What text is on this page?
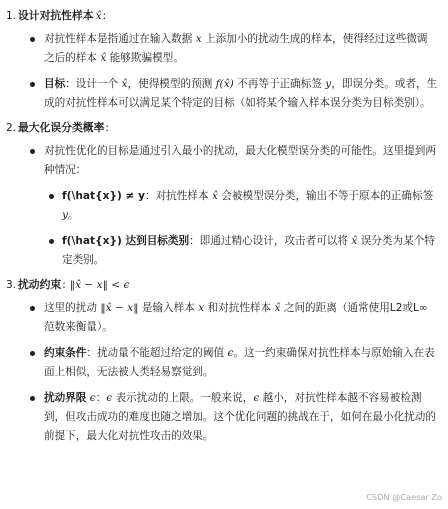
1. 设计对抗性样本 x̂ :
对抗性样本是指通过在输入数据 x 上添加小的扰动生成的样本，使得经过这些微调之后的样本 x̂ 能够欺骗模型。
目标：设计一个 x̂，使得模型的预测 f(x̂) 不再等于正确标签 y，即误分类。或者，生成的对抗性样本可以满足某个特定的目标（如将某个输入样本误分类为目标类别）。
2. 最大化误分类概率 :
对抗性优化的目标是通过引入最小的扰动，最大化模型误分类的可能性。这里提到两种情况：
f(\hat{x}) ≠ y：对抗性样本 x̂ 会被模型误分类，输出不等于原本的正确标签 y。
f(\hat{x}) 达到目标类别：即通过精心设计，攻击者可以将 x̂ 误分类为某个特定类别。
3. 扰动约束 : ‖x̂ − x‖ < ϵ
这里的扰动 ‖x̂ − x‖ 是输入样本 x 和对抗性样本 x̂ 之间的距离（通常使用L2或L∞范数来衡量）。
约束条件：扰动量不能超过给定的阈值 ϵ。这一约束确保对抗性样本与原始输入在表面上相似，无法被人类轻易察觉到。
扰动界限 ϵ：ϵ 表示扰动的上限。一般来说，ϵ 越小，对抗性样本越不容易被检测到，但攻击成功的难度也随之增加。这个优化问题的挑战在于，如何在最小化扰动的前提下，最大化对抗性攻击的效果。
CSDN @Caesar Zo
